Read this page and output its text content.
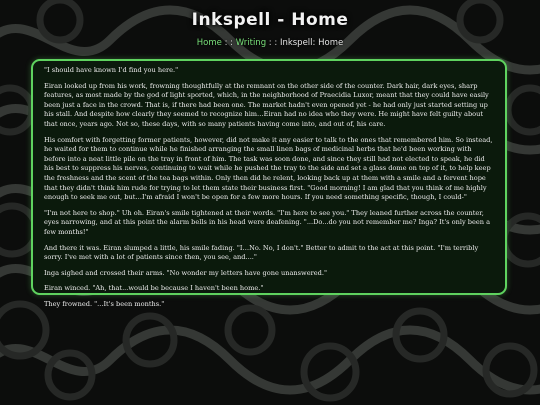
Inkspell - Home
Home : : Writing : : Inkspell: Home

"I should have known I'd find you here."

Eiran looked up from his work, frowning thoughtfully at the remnant on the other side of the counter. Dark hair, dark eyes, sharp features, as most made by the god of light sported, which, in the neighborhood of Praecidia Luxor, meant that they could have easily been just a face in the crowd. That is, if there had been one. The market hadn't even opened yet - he had only just started setting up his stall. And despite how clearly they seemed to recognize him…Eiran had no idea who they were. He might have felt guilty about that once, years ago. Not so, these days, with so many patients having come into, and out of, his care.

His comfort with forgetting former patients, however, did not make it any easier to talk to the ones that remembered him. So instead, he waited for them to continue while he finished arranging the small linen bags of medicinal herbs that he'd been working with before into a neat little pile on the tray in front of him. The task was soon done, and since they still had not elected to speak, he did his best to suppress his nerves, continuing to wait while he pushed the tray to the side and set a glass dome on top of it, to help keep the freshness and the scent of the tea bags within. Only then did he relent, looking back up at them with a smile and a fervent hope that they didn't think him rude for trying to let them state their business first. "Good morning! I am glad that you think of me highly enough to seek me out, but…I'm afraid I won't be open for a few more hours. If you need something specific, though, I could-"

"I'm not here to shop." Uh oh. Eiran's smile tightened at their words. "I'm here to see you." They leaned further across the counter, eyes narrowing, and at this point the alarm bells in his head were deafening. "...Do...do you not remember me? Inga? It's only been a few months!"

And there it was. Eiran slumped a little, his smile fading. "I…No. No, I don't." Better to admit to the act at this point. "I'm terribly sorry. I've met with a lot of patients since then, you see, and...."

Inga sighed and crossed their arms. "No wonder my letters have gone unanswered."

Eiran winced. "Ah, that...would be because I haven't been home."

They frowned. "...It's been months."
